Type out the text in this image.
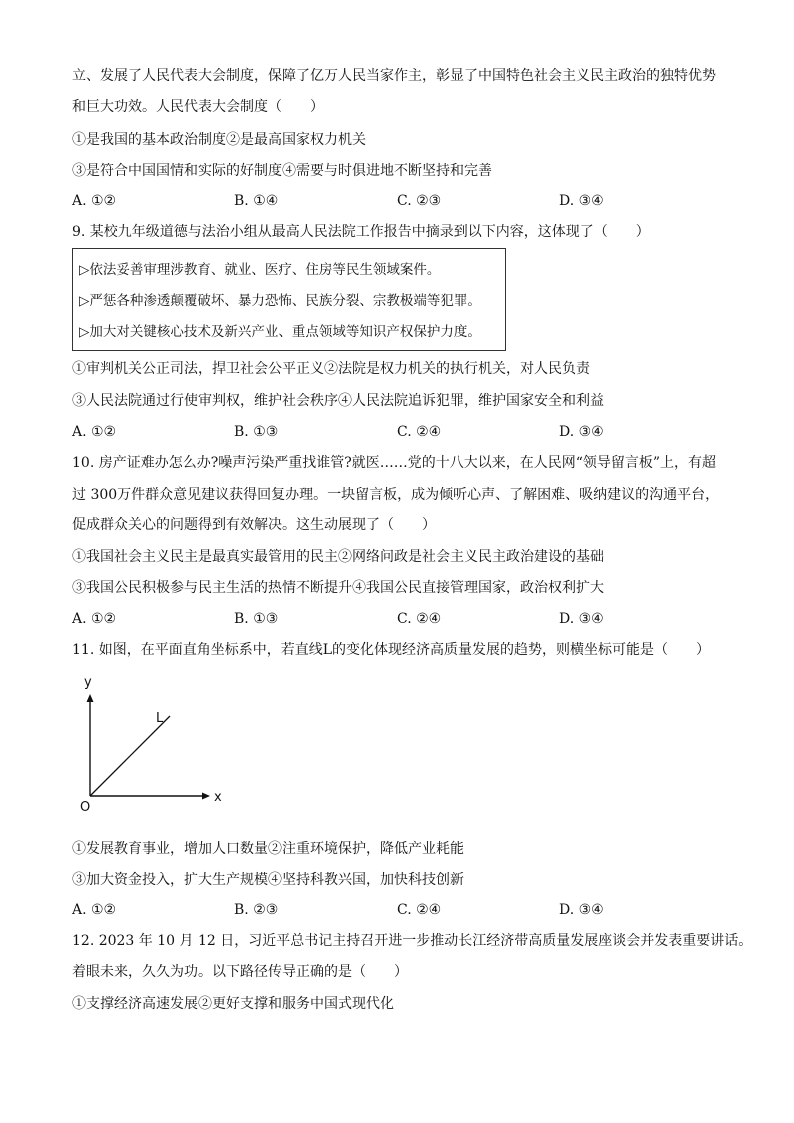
立、发展了人民代表大会制度，保障了亿万人民当家作主，彰显了中国特色社会主义民主政治的独特优势
和巨大功效。人民代表大会制度（　　）
①是我国的基本政治制度②是最高国家权力机关
③是符合中国国情和实际的好制度④需要与时俱进地不断坚持和完善
A. ①②	B. ①④	C. ②③	D. ③④
9. 某校九年级道德与法治小组从最高人民法院工作报告中摘录到以下内容，这体现了（　　）
▷依法妥善审理涉教育、就业、医疗、住房等民生领域案件。
▷严惩各种渗透颠覆破坏、暴力恐怖、民族分裂、宗教极端等犯罪。
▷加大对关键核心技术及新兴产业、重点领域等知识产权保护力度。
①审判机关公正司法，捍卫社会公平正义②法院是权力机关的执行机关，对人民负责
③人民法院通过行使审判权，维护社会秩序④人民法院追诉犯罪，维护国家安全和利益
A. ①②	B. ①③	C. ②④	D. ③④
10. 房产证难办怎么办?噪声污染严重找谁管?就医……党的十八大以来，在人民网“领导留言板”上，有超
过 300万件群众意见建议获得回复办理。一块留言板，成为倾听心声、了解困难、吸纳建议的沟通平台，
促成群众关心的问题得到有效解决。这生动展现了（　　）
①我国社会主义民主是最真实最管用的民主②网络问政是社会主义民主政治建设的基础
③我国公民积极参与民主生活的热情不断提升④我国公民直接管理国家，政治权利扩大
A. ①②	B. ①③	C. ②④	D. ③④
11. 如图，在平面直角坐标系中，若直线L的变化体现经济高质量发展的趋势，则横坐标可能是（　　）
y
x
O
L
①发展教育事业，增加人口数量②注重环境保护，降低产业耗能
③加大资金投入，扩大生产规模④坚持科教兴国，加快科技创新
A. ①②	B. ②③	C. ②④	D. ③④
12. 2023 年 10 月 12 日，习近平总书记主持召开进一步推动长江经济带高质量发展座谈会并发表重要讲话。
着眼未来，久久为功。以下路径传导正确的是（　　）
①支撑经济高速发展②更好支撑和服务中国式现代化
